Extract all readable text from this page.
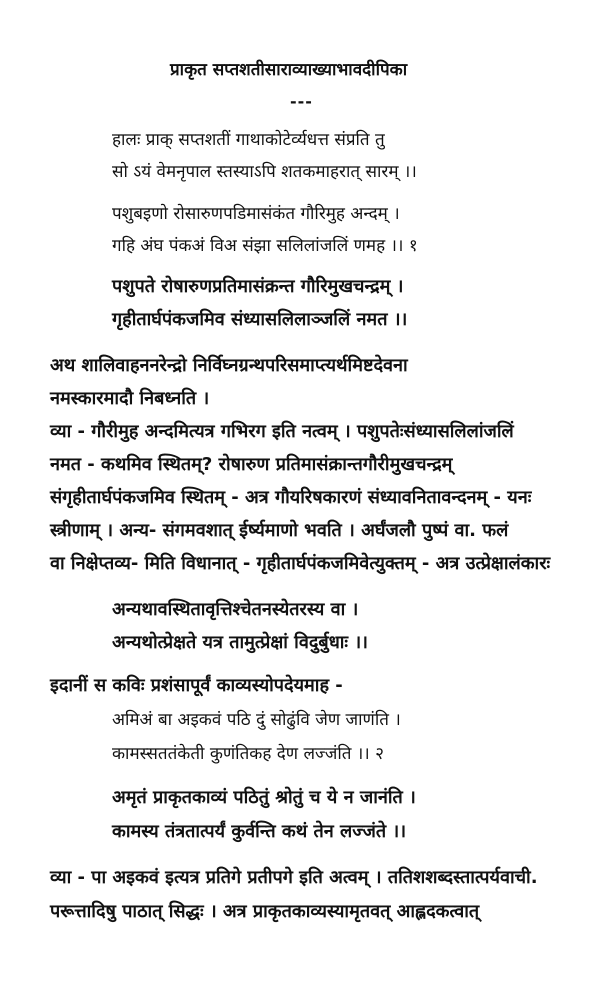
प्राकृत सप्तशतीसाराव्याख्याभावदीपिका
---
हालः प्राक् सप्तशतीं गाथाकोटेर्व्यधत्त संप्रति तु
सो ऽयं वेमनृपाल स्तस्याऽपि शतकमाहरात् सारम् ।।
पशुबइणो रोसारुणपडिमासंकंत गौरिमुह अन्दम् ।
गहि अंघ पंकअं विअ संझा सलिलांजलिं णमह ।। १
पशुपते रोषारुणप्रतिमासंक्रन्त गौरिमुखचन्द्रम् ।
गृहीतार्घपंकजमिव संध्यासलिलाञ्जलिं नमत ।।
अथ शालिवाहननरेन्द्रो निर्विघ्नग्रन्थपरिसमाप्त्यर्थमिष्टदेवना
नमस्कारमादौ निबध्नति ।
व्या - गौरीमुह अन्दमित्यत्र गभिरग इति नत्वम् । पशुपतेःसंध्यासलिलांजलिं
नमत - कथमिव स्थितम्? रोषारुण प्रतिमासंक्रान्तगौरीमुखचन्द्रम्
संगृहीतार्घपंकजमिव स्थितम् - अत्र गौयरिषकारणं संध्यावनितावन्दनम् - यनः
स्त्रीणाम् । अन्य- संगमवशात् ईर्ष्यमाणो भवति । अर्घंजलौ पुष्पं वा. फलं
वा निक्षेप्तव्य- मिति विधानात् - गृहीतार्घपंकजमिवेत्युक्तम् - अत्र उत्प्रेक्षालंकारः
अन्यथावस्थितावृत्तिश्चेतनस्येतरस्य वा ।
अन्यथोत्प्रेक्षते यत्र तामुत्प्रेक्षां विदुर्बुधाः ।।
इदानीं स कविः प्रशंसापूर्वं काव्यस्योपदेयमाह -
अमिअं बा अइकवं पठि दुं सोढुंवि जेण जाणंति ।
कामस्सततंकेती कुणंतिकह देण लज्जंति ।। २
अमृतं प्राकृतकाव्यं पठितुं श्रोतुं च ये न जानंति ।
कामस्य तंत्रतात्पर्यं कुर्वन्ति कथं तेन लज्जंते ।।
व्या - पा अइकवं इत्यत्र प्रतिगे प्रतीपगे इति अत्वम् । ततिशशब्दस्तात्पर्यवाची.
परूत्तादिषु पाठात् सिद्धः । अत्र प्राकृतकाव्यस्यामृतवत् आह्लदकत्वात्
